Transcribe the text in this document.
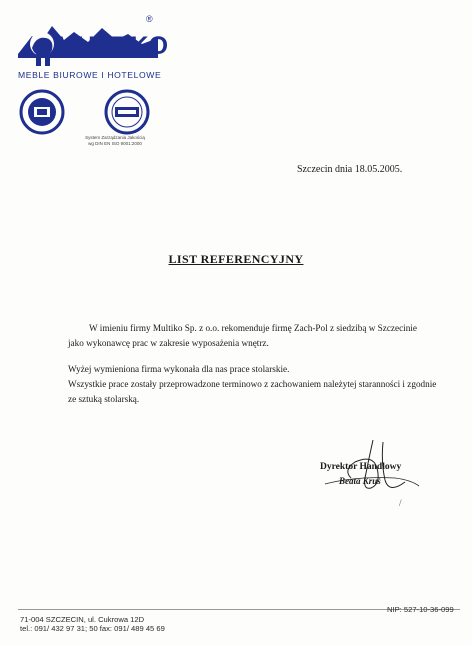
MULTIKO
®
MEBLE BIUROWE I HOTELOWE
System Zarządzania Jakością
wg DIN EN ISO 9001:2000
Szczecin dnia 18.05.2005.
LIST REFERENCYJNY
W imieniu firmy Multiko Sp. z o.o. rekomenduje firmę Zach-Pol z siedzibą w Szczecinie
jako wykonawcę prac w zakresie wyposażenia wnętrz.
Wyżej wymieniona firma wykonała dla nas prace stolarskie.
Wszystkie prace zostały przeprowadzone terminowo z zachowaniem należytej staranności i zgodnie
ze sztuką stolarską.
Dyrektor Handlowy
Beata Kruś
/
71-004 SZCZECIN, ul. Cukrowa 12D
tel.: 091/ 432 97 31; 50 fax: 091/ 489 45 69
NIP: 527-10-36-099
